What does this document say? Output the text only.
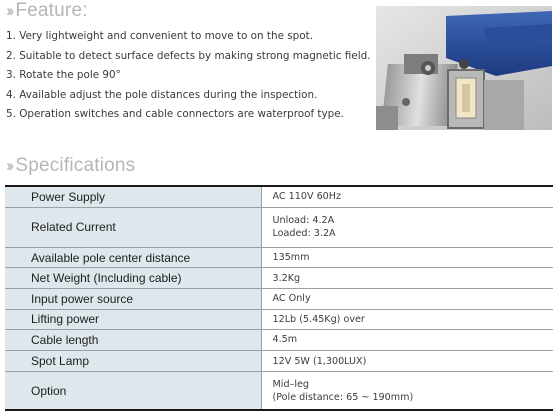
›› Feature:
1. Very lightweight and convenient to move to on the spot.
2. Suitable to detect surface defects by making strong magnetic field.
3. Rotate the pole 90°
4. Available adjust the pole distances during the inspection.
5. Operation switches and cable connectors are waterproof type.
›› Specifications
Power Supply	AC 110V 60Hz

Related Current	Unload: 4.2A
Loaded: 3.2A

Available pole center distance	135mm

Net Weight (Including cable)	3.2Kg

Input power source	AC Only

Lifting power	12Lb (5.45Kg) over

Cable length	4.5m

Spot Lamp	12V 5W (1,300LUX)

Option	Mid–leg
(Pole distance: 65 ~ 190mm)
